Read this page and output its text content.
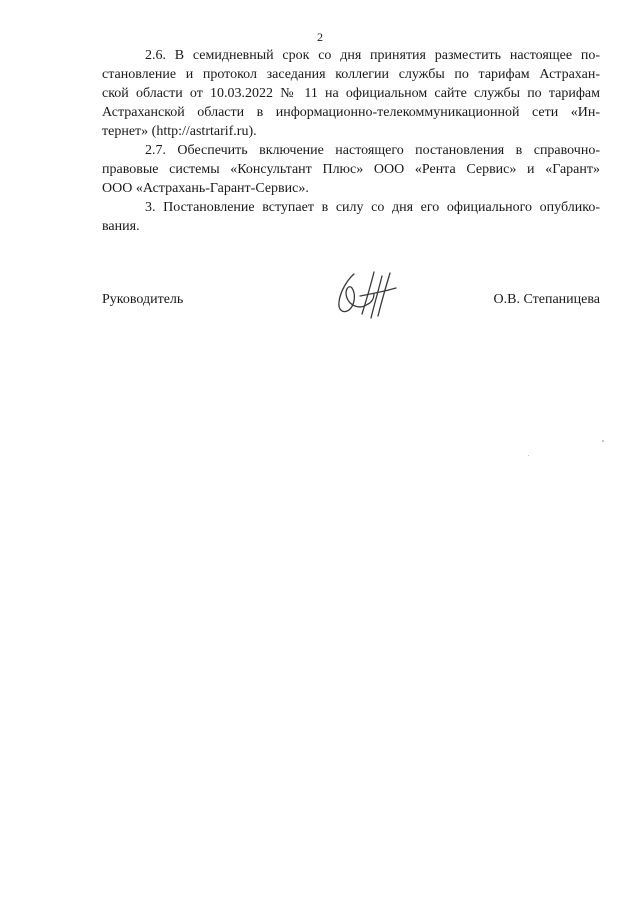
2
2.6. В семидневный срок со дня принятия разместить настоящее по-
становление и протокол заседания коллегии службы по тарифам Астрахан-
ской области от 10.03.2022 № 11 на официальном сайте службы по тарифам
Астраханской области в информационно-телекоммуникационной сети «Ин-
тернет» (http://astrtarif.ru).
2.7. Обеспечить включение настоящего постановления в справочно-
правовые системы «Консультант Плюс» ООО «Рента Сервис» и «Гарант»
ООО «Астрахань-Гарант-Сервис».
3. Постановление вступает в силу со дня его официального опублико-
вания.
Руководитель	О.В. Степаницева
